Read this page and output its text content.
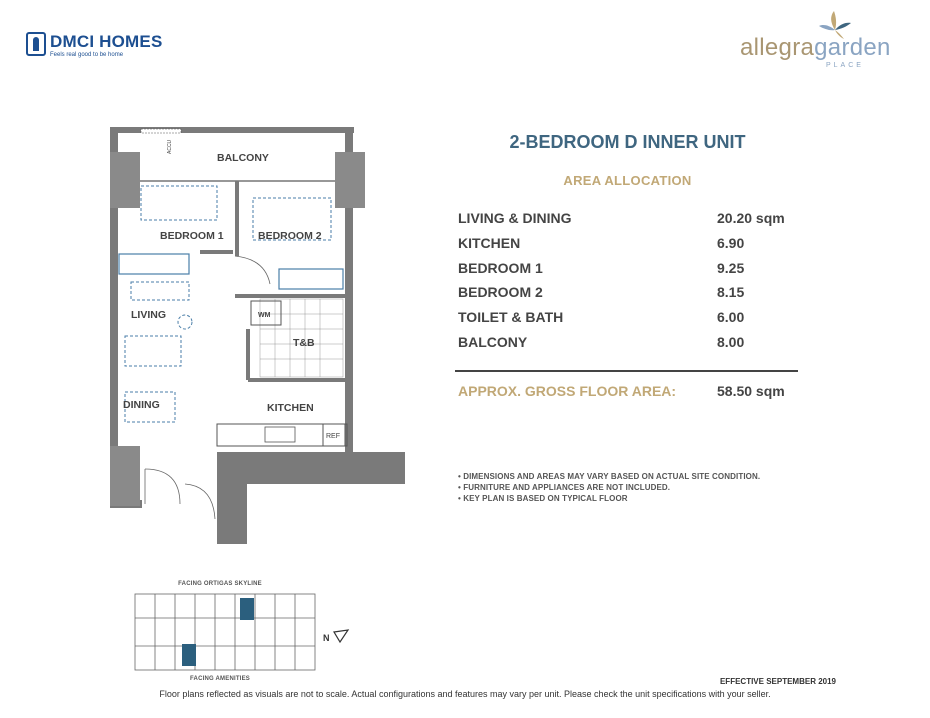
DMCI HOMES
Feels real good to be home	allegragarden
PLACE
2-BEDROOM D INNER UNIT
AREA ALLOCATION
LIVING & DINING	20.20 sqm
KITCHEN	6.90
BEDROOM 1	9.25
BEDROOM 2	8.15
TOILET & BATH	6.00
BALCONY	8.00
APPROX. GROSS FLOOR AREA:	58.50 sqm
• DIMENSIONS AND AREAS MAY VARY BASED ON ACTUAL SITE CONDITION.
• FURNITURE AND APPLIANCES ARE NOT INCLUDED.
• KEY PLAN IS BASED ON TYPICAL FLOOR
BALCONY
BEDROOM 1	BEDROOM 2
LIVING
DINING
T&B
KITCHEN
WM
REF
ACCU
FACING ORTIGAS SKYLINE
FACING AMENITIES
N
EFFECTIVE SEPTEMBER 2019
Floor plans reflected as visuals are not to scale. Actual configurations and features may vary per unit. Please check the unit specifications with your seller.
